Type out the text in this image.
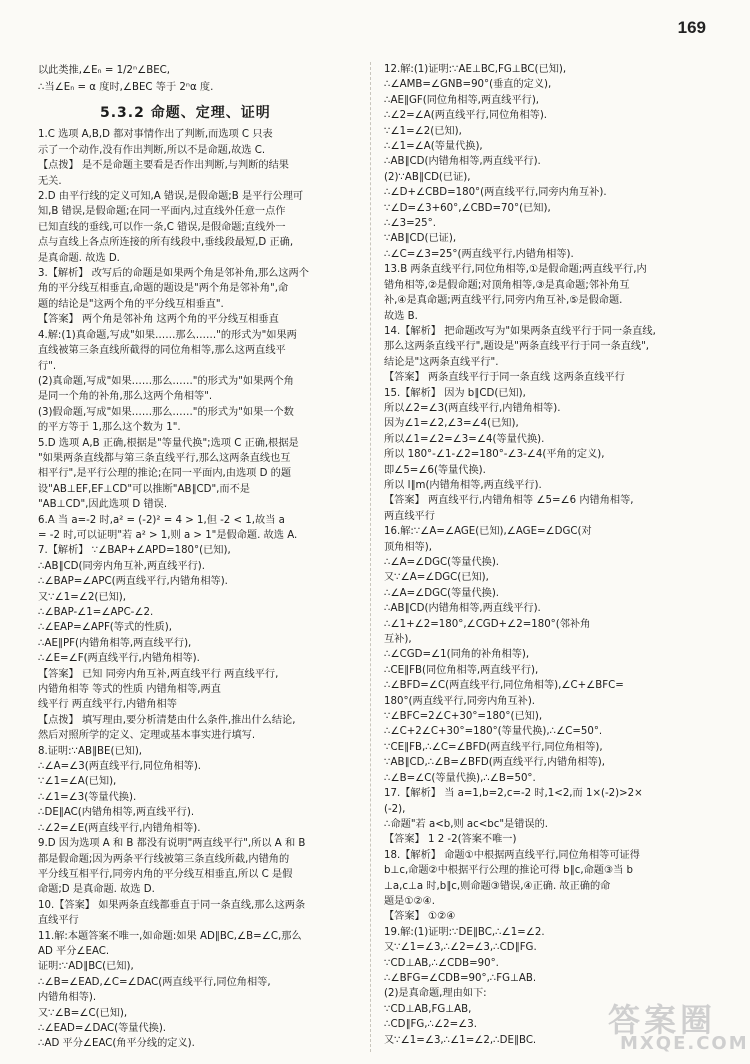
169
以此类推,∠Eₙ = 1/2ⁿ∠BEC,
∴当∠Eₙ = α 度时,∠BEC 等于 2ⁿα 度.
5.3.2 命题、定理、证明
1.C 选项 A,B,D 都对事情作出了判断,而选项 C 只表
示了一个动作,没有作出判断,所以不是命题,故选 C.
【点拨】 是不是命题主要看是否作出判断,与判断的结果
无关.
2.D 由平行线的定义可知,A 错误,是假命题;B 是平行公理可
知,B 错误,是假命题;在同一平面内,过直线外任意一点作
已知直线的垂线,可以作一条,C 错误,是假命题;直线外一
点与直线上各点所连接的所有线段中,垂线段最短,D 正确,
是真命题. 故选 D.
3.【解析】 改写后的命题是如果两个角是邻补角,那么这两个
角的平分线互相垂直,命题的题设是"两个角是邻补角",命
题的结论是"这两个角的平分线互相垂直".
【答案】 两个角是邻补角 这两个角的平分线互相垂直
4.解:(1)真命题,写成"如果……那么……"的形式为"如果两
直线被第三条直线所截得的同位角相等,那么这两直线平
行".
(2)真命题,写成"如果……那么……"的形式为"如果两个角
是同一个角的补角,那么这两个角相等".
(3)假命题,写成"如果……那么……"的形式为"如果一个数
的平方等于 1,那么这个数为 1".
5.D 选项 A,B 正确,根据是"等量代换";选项 C 正确,根据是
"如果两条直线都与第三条直线平行,那么这两条直线也互
相平行",是平行公理的推论;在同一平面内,由选项 D 的题
设"AB⊥EF,EF⊥CD"可以推断"AB∥CD",而不是
"AB⊥CD",因此选项 D 错误.
6.A 当 a=-2 时,a² = (-2)² = 4 > 1,但 -2 < 1,故当 a
= -2 时,可以证明"若 a² > 1,则 a > 1"是假命题. 故选 A.
7.【解析】 ∵∠BAP+∠APD=180°(已知),
∴AB∥CD(同旁内角互补,两直线平行).
∴∠BAP=∠APC(两直线平行,内错角相等).
又∵∠1=∠2(已知),
∴∠BAP-∠1=∠APC-∠2.
∴∠EAP=∠APF(等式的性质),
∴AE∥PF(内错角相等,两直线平行),
∴∠E=∠F(两直线平行,内错角相等).
【答案】 已知 同旁内角互补,两直线平行 两直线平行,
内错角相等 等式的性质 内错角相等,两直
线平行 两直线平行,内错角相等
【点拨】 填写理由,要分析清楚由什么条件,推出什么结论,
然后对照所学的定义、定理或基本事实进行填写.
8.证明:∵AB∥BE(已知),
∴∠A=∠3(两直线平行,同位角相等).
∵∠1=∠A(已知),
∴∠1=∠3(等量代换).
∴DE∥AC(内错角相等,两直线平行).
∴∠2=∠E(两直线平行,内错角相等).
9.D 因为选项 A 和 B 都没有说明"两直线平行",所以 A 和 B
都是假命题;因为两条平行线被第三条直线所截,内错角的
平分线互相平行,同旁内角的平分线互相垂直,所以 C 是假
命题;D 是真命题. 故选 D.
10.【答案】 如果两条直线都垂直于同一条直线,那么这两条
直线平行
11.解:本题答案不唯一,如命题:如果 AD∥BC,∠B=∠C,那么
AD 平分∠EAC.
证明:∵AD∥BC(已知),
∴∠B=∠EAD,∠C=∠DAC(两直线平行,同位角相等,
内错角相等).
又∵∠B=∠C(已知),
∴∠EAD=∠DAC(等量代换).
∴AD 平分∠EAC(角平分线的定义).
12.解:(1)证明:∵AE⊥BC,FG⊥BC(已知),
∴∠AMB=∠GNB=90°(垂直的定义),
∴AE∥GF(同位角相等,两直线平行),
∴∠2=∠A(两直线平行,同位角相等).
∵∠1=∠2(已知),
∴∠1=∠A(等量代换),
∴AB∥CD(内错角相等,两直线平行).
(2)∵AB∥CD(已证),
∴∠D+∠CBD=180°(两直线平行,同旁内角互补).
∵∠D=∠3+60°,∠CBD=70°(已知),
∴∠3=25°.
∵AB∥CD(已证),
∴∠C=∠3=25°(两直线平行,内错角相等).
13.B 两条直线平行,同位角相等,①是假命题;两直线平行,内
错角相等,②是假命题;对顶角相等,③是真命题;邻补角互
补,④是真命题;两直线平行,同旁内角互补,⑤是假命题.
故选 B.
14.【解析】 把命题改写为"如果两条直线平行于同一条直线,
那么这两条直线平行",题设是"两条直线平行于同一条直线",
结论是"这两条直线平行".
【答案】 两条直线平行于同一条直线 这两条直线平行
15.【解析】 因为 b∥CD(已知),
所以∠2=∠3(两直线平行,内错角相等).
因为∠1=∠2,∠3=∠4(已知),
所以∠1=∠2=∠3=∠4(等量代换).
所以 180°-∠1-∠2=180°-∠3-∠4(平角的定义),
即∠5=∠6(等量代换).
所以 l∥m(内错角相等,两直线平行).
【答案】 两直线平行,内错角相等 ∠5=∠6 内错角相等,
两直线平行
16.解:∵∠A=∠AGE(已知),∠AGE=∠DGC(对
顶角相等),
∴∠A=∠DGC(等量代换).
又∵∠A=∠DGC(已知),
∴∠A=∠DGC(等量代换).
∴AB∥CD(内错角相等,两直线平行).
∴∠1+∠2=180°,∠CGD+∠2=180°(邻补角
互补),
∴∠CGD=∠1(同角的补角相等),
∴CE∥FB(同位角相等,两直线平行),
∴∠BFD=∠C(两直线平行,同位角相等),∠C+∠BFC=
180°(两直线平行,同旁内角互补).
∵∠BFC=2∠C+30°=180°(已知),
∴∠C+2∠C+30°=180°(等量代换),∴∠C=50°.
∵CE∥FB,∴∠C=∠BFD(两直线平行,同位角相等),
∵AB∥CD,∴∠B=∠BFD(两直线平行,内错角相等),
∴∠B=∠C(等量代换),∴∠B=50°.
17.【解析】 当 a=1,b=2,c=-2 时,1<2,而 1×(-2)>2×
(-2),
∴命题"若 a<b,则 ac<bc"是错误的.
【答案】 1 2 -2(答案不唯一)
18.【解析】 命题①中根据两直线平行,同位角相等可证得
b⊥c,命题②中根据平行公理的推论可得 b∥c,命题③当 b
⊥a,c⊥a 时,b∥c,则命题③错误,④正确. 故正确的命
题是①②④.
【答案】 ①②④
19.解:(1)证明:∵DE∥BC,∴∠1=∠2.
又∵∠1=∠3,∴∠2=∠3,∴CD∥FG.
∵CD⊥AB,∴∠CDB=90°.
∴∠BFG=∠CDB=90°,∴FG⊥AB.
(2)是真命题,理由如下:
∵CD⊥AB,FG⊥AB,
∴CD∥FG,∴∠2=∠3.
又∵∠1=∠3,∴∠1=∠2,∴DE∥BC.
答案圈
MXQE.COM
